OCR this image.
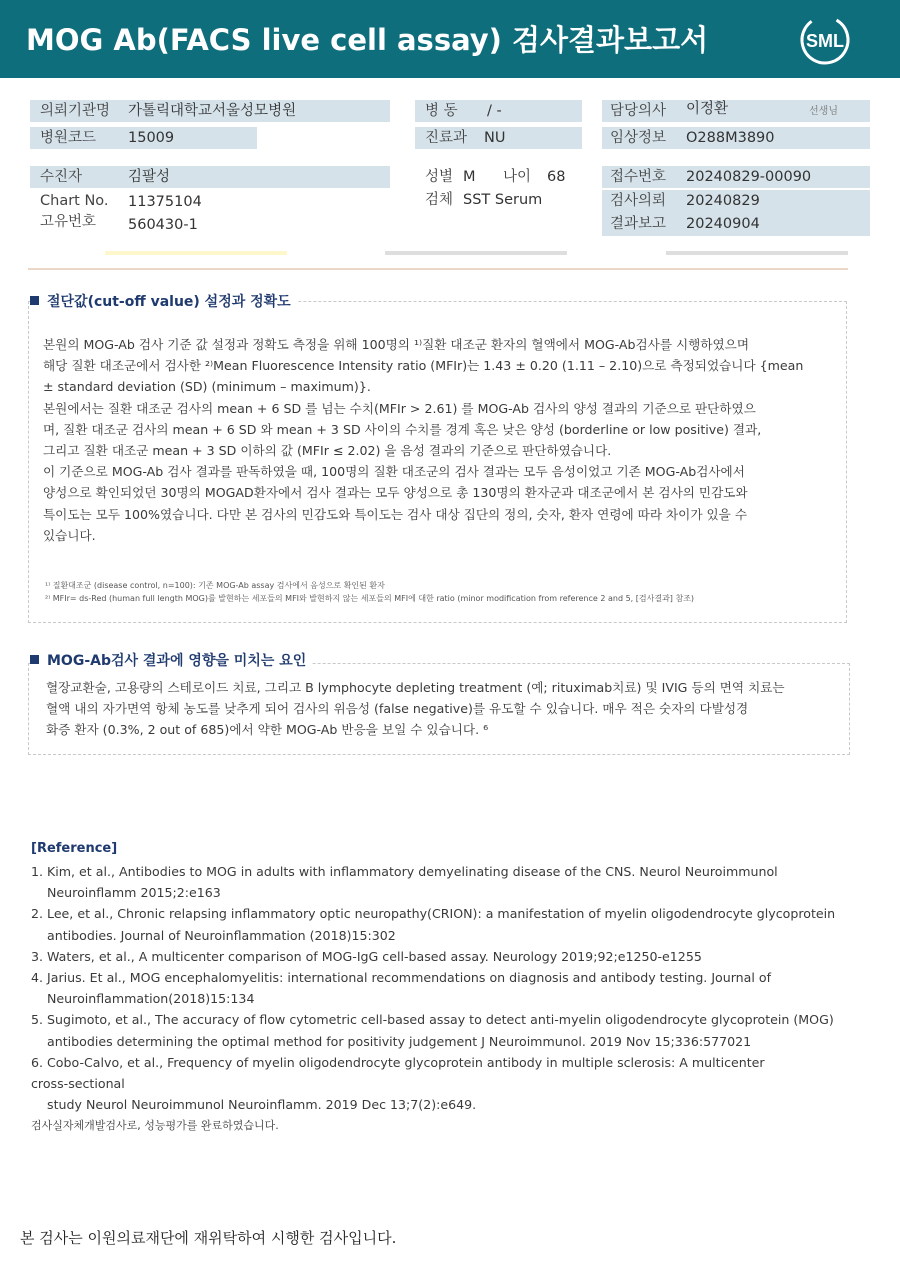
MOG Ab(FACS live cell assay) 검사결과보고서	SML
의뢰기관명 가톨릭대학교서울성모병원
병원코드 15009
병 동 / -
진료과 NU
담당의사 이정환	선생님
임상정보 O288M3890
수진자	김팔성
Chart No. 11375104
고유번호 560430-1
성별 M 나이 68
검체 SST Serum
접수번호 20240829-00090
검사의뢰 20240829
결과보고 20240904
절단값(cut-off value) 설정과 정확도

본원의 MOG-Ab 검사 기준 값 설정과 정확도 측정을 위해 100명의 ¹⁾질환 대조군 환자의 혈액에서 MOG-Ab검사를 시행하였으며

해당 질환 대조군에서 검사한 ²⁾Mean Fluorescence Intensity ratio (MFIr)는 1.43 ± 0.20 (1.11 – 2.10)으로 측정되었습니다 {mean

± standard deviation (SD) (minimum – maximum)}.

본원에서는 질환 대조군 검사의 mean + 6 SD 를 넘는 수치(MFIr > 2.61) 를 MOG-Ab 검사의 양성 결과의 기준으로 판단하였으

며, 질환 대조군 검사의 mean + 6 SD 와 mean + 3 SD 사이의 수치를 경계 혹은 낮은 양성 (borderline or low positive) 결과,

그리고 질환 대조군 mean + 3 SD 이하의 값 (MFIr ≤ 2.02) 을 음성 결과의 기준으로 판단하였습니다.

이 기준으로 MOG-Ab 검사 결과를 판독하였을 때, 100명의 질환 대조군의 검사 결과는 모두 음성이었고 기존 MOG-Ab검사에서

양성으로 확인되었던 30명의 MOGAD환자에서 검사 결과는 모두 양성으로 총 130명의 환자군과 대조군에서 본 검사의 민감도와

특이도는 모두 100%였습니다. 다만 본 검사의 민감도와 특이도는 검사 대상 집단의 정의, 숫자, 환자 연령에 따라 차이가 있을 수

있습니다.

¹⁾ 질환대조군 (disease control, n=100): 기존 MOG-Ab assay 검사에서 음성으로 확인된 환자
²⁾ MFIr= ds-Red (human full length MOG)를 발현하는 세포들의 MFI와 발현하지 않는 세포들의 MFI에 대한 ratio (minor modification from reference 2 and 5, [검사결과] 참조)
MOG-Ab검사 결과에 영향을 미치는 요인

혈장교환술, 고용량의 스테로이드 치료, 그리고 B lymphocyte depleting treatment (예; rituximab치료) 및 IVIG 등의 면역 치료는

혈액 내의 자가면역 항체 농도를 낮추게 되어 검사의 위음성 (false negative)를 유도할 수 있습니다. 매우 적은 숫자의 다발성경

화증 환자 (0.3%, 2 out of 685)에서 약한 MOG-Ab 반응을 보일 수 있습니다. ⁶

[Reference]
1. Kim, et al., Antibodies to MOG in adults with inflammatory demyelinating disease of the CNS. Neurol Neuroimmunol
Neuroinflamm 2015;2:e163
2. Lee, et al., Chronic relapsing inflammatory optic neuropathy(CRION): a manifestation of myelin oligodendrocyte glycoprotein
antibodies. Journal of Neuroinflammation (2018)15:302
3. Waters, et al., A multicenter comparison of MOG-IgG cell-based assay. Neurology 2019;92;e1250-e1255
4. Jarius. Et al., MOG encephalomyelitis: international recommendations on diagnosis and antibody testing. Journal of
Neuroinflammation(2018)15:134
5. Sugimoto, et al., The accuracy of flow cytometric cell-based assay to detect anti-myelin oligodendrocyte glycoprotein (MOG)
antibodies determining the optimal method for positivity judgement J Neuroimmunol. 2019 Nov 15;336:577021
6. Cobo-Calvo, et al., Frequency of myelin oligodendrocyte glycoprotein antibody in multiple sclerosis: A multicenter
cross-sectional
study Neurol Neuroimmunol Neuroinflamm. 2019 Dec 13;7(2):e649.
검사실자체개발검사로, 성능평가를 완료하였습니다.
본 검사는 이원의료재단에 재위탁하여 시행한 검사입니다.
